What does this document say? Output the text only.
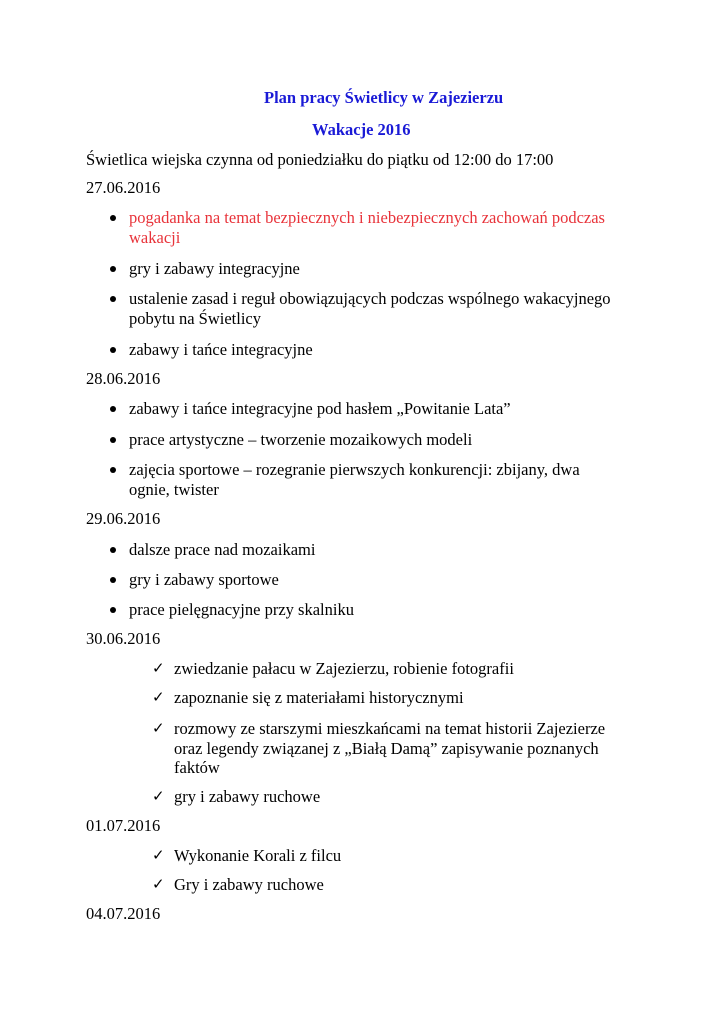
Plan pracy Świetlicy w Zajezierzu
Wakacje 2016
Świetlica wiejska czynna od poniedziałku do piątku od 12:00 do 17:00
27.06.2016
pogadanka na temat bezpiecznych i niebezpiecznych zachowań podczas
wakacji
gry i zabawy integracyjne
ustalenie zasad i reguł obowiązujących podczas wspólnego wakacyjnego
pobytu na Świetlicy
zabawy i tańce integracyjne
28.06.2016
zabawy i tańce integracyjne pod hasłem „Powitanie Lata”
prace artystyczne – tworzenie mozaikowych modeli
zajęcia sportowe – rozegranie pierwszych konkurencji: zbijany, dwa
ognie, twister
29.06.2016
dalsze prace nad mozaikami
gry i zabawy sportowe
prace pielęgnacyjne przy skalniku
30.06.2016
✓ zwiedzanie pałacu w Zajezierzu, robienie fotografii
✓ zapoznanie się z materiałami historycznymi
✓ rozmowy ze starszymi mieszkańcami na temat historii Zajezierze
oraz legendy związanej z „Białą Damą” zapisywanie poznanych
faktów
✓ gry i zabawy ruchowe
01.07.2016
✓ Wykonanie Korali z filcu
✓ Gry i zabawy ruchowe
04.07.2016
